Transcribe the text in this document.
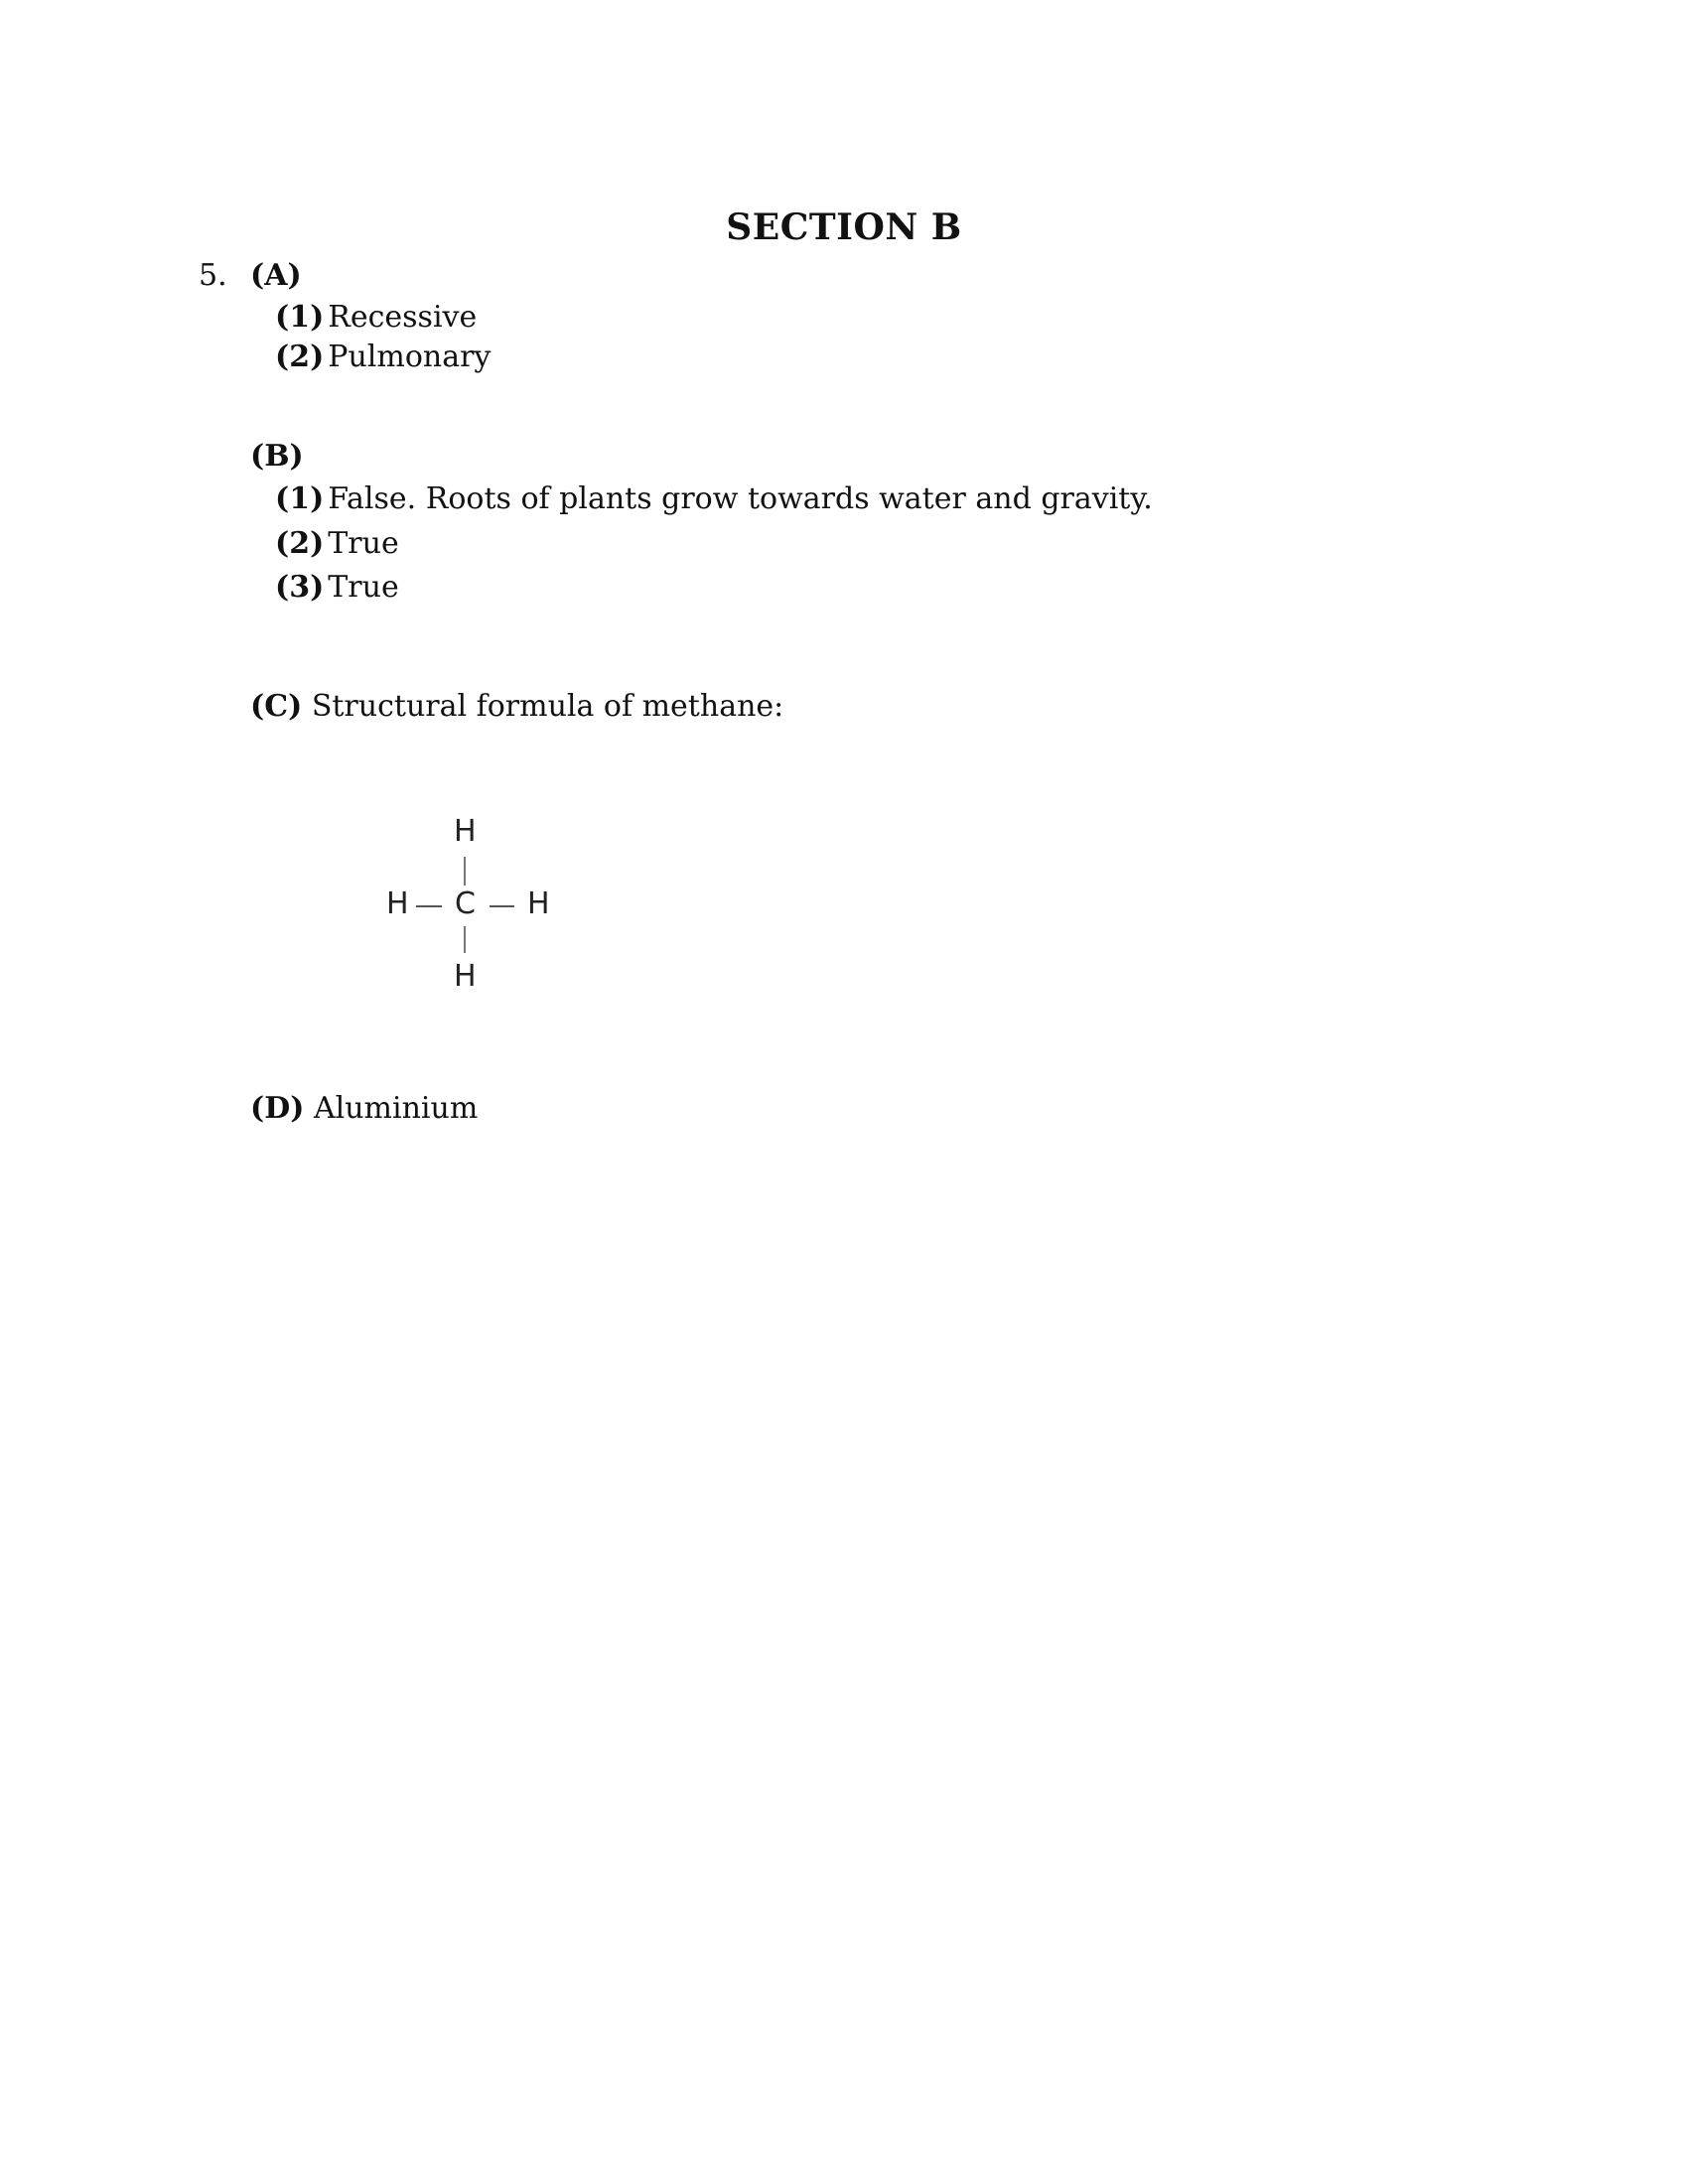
SECTION B
5. (A)
(1) Recessive
(2) Pulmonary
(B)
(1) False. Roots of plants grow towards water and gravity.
(2) True
(3) True
(C) Structural formula of methane:
H
H C H
H
(D) Aluminium
